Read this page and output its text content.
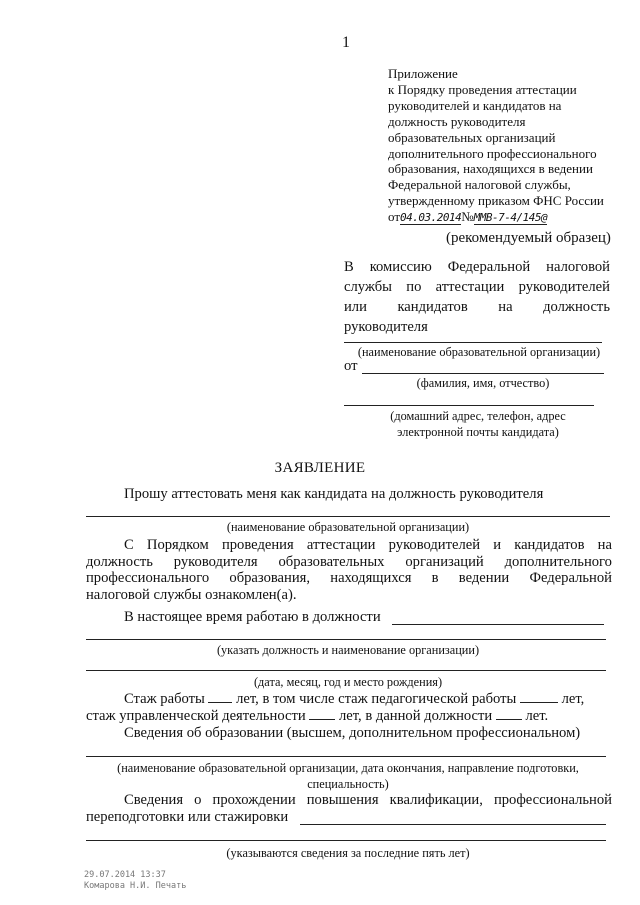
1
Приложение
к Порядку проведения аттестации
руководителей и кандидатов на
должность руководителя
образовательных организаций
дополнительного профессионального
образования, находящихся в ведении
Федеральной налоговой службы,
утвержденному приказом ФНС России
от04.03.2014№ММВ-7-4/145@
(рекомендуемый образец)
В комиссию Федеральной налоговой
службы по аттестации руководителей
или кандидатов на должность
руководителя
(наименование образовательной организации)
от
(фамилия, имя, отчество)
(домашний адрес, телефон, адрес
электронной почты кандидата)
ЗАЯВЛЕНИЕ
Прошу аттестовать меня как кандидата на должность руководителя
(наименование образовательной организации)
С Порядком проведения аттестации руководителей и кандидатов на
должность руководителя образовательных организаций дополнительного
профессионального образования, находящихся в ведении Федеральной
налоговой службы ознакомлен(а).
В настоящее время работаю в должности
(указать должность и наименование организации)
(дата, месяц, год и место рождения)
Стаж работы лет, в том числе стаж педагогической работы	лет,
стаж управленческой деятельности лет, в данной должности лет.
Сведения об образовании (высшем, дополнительном профессиональном)
(наименование образовательной организации, дата окончания, направление подготовки,
специальность)
Сведения о прохождении повышения квалификации, профессиональной
переподготовки или стажировки
(указываются сведения за последние пять лет)
29.07.2014 13:37
Комарова Н.И. Печать
